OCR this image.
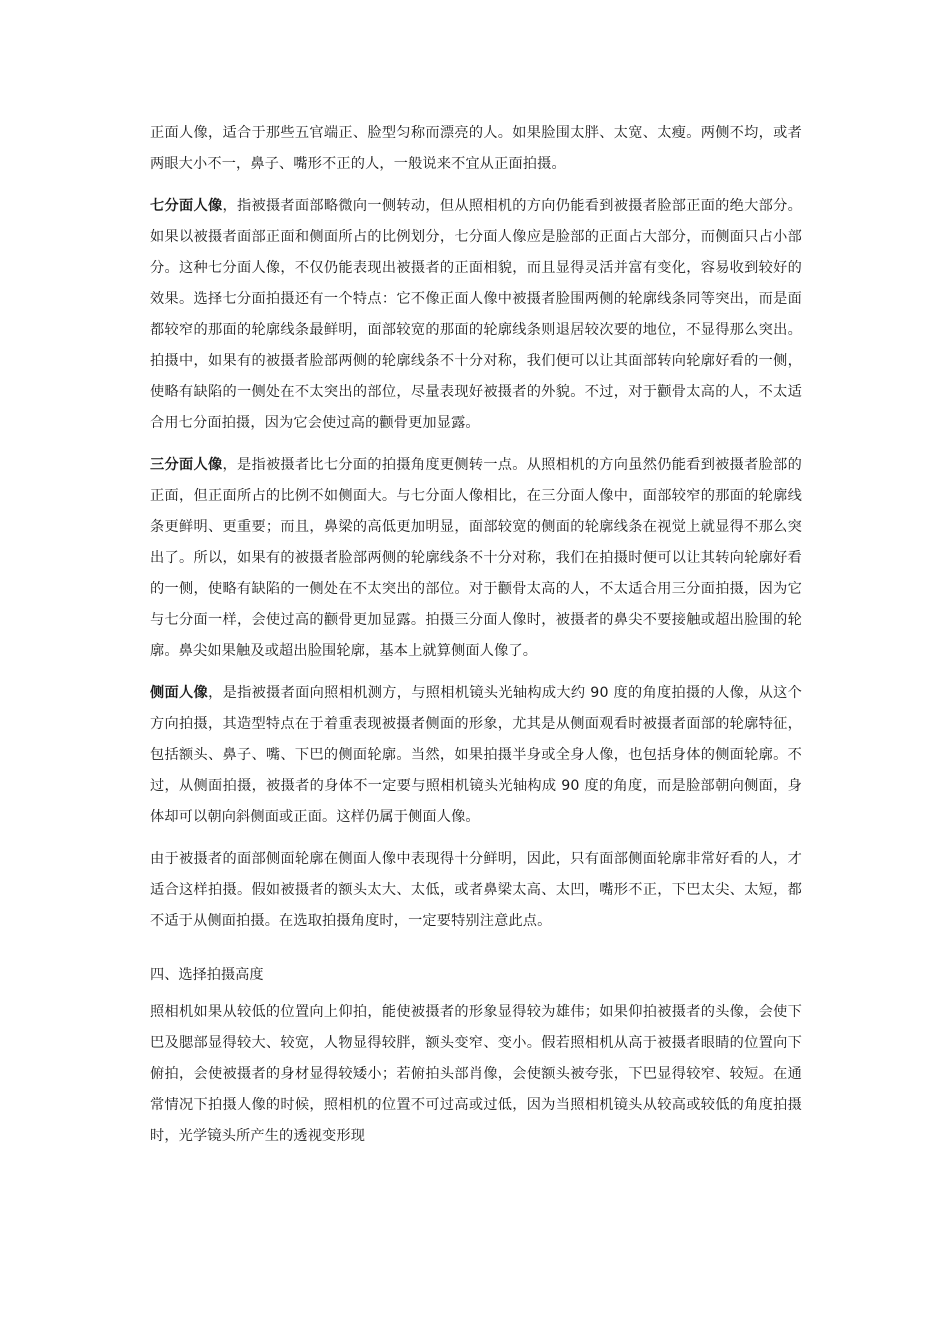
正面人像，适合于那些五官端正、脸型匀称而漂亮的人。如果脸围太胖、太宽、太瘦。两侧不均，或者两眼大小不一，鼻子、嘴形不正的人，一般说来不宜从正面拍摄。

七分面人像，指被摄者面部略微向一侧转动，但从照相机的方向仍能看到被摄者脸部正面的绝大部分。如果以被摄者面部正面和侧面所占的比例划分，七分面人像应是脸部的正面占大部分，而侧面只占小部分。这种七分面人像，不仅仍能表现出被摄者的正面相貌，而且显得灵活并富有变化，容易收到较好的效果。选择七分面拍摄还有一个特点：它不像正面人像中被摄者脸围两侧的轮廓线条同等突出，而是面都较窄的那面的轮廓线条最鲜明，面部较宽的那面的轮廓线条则退居较次要的地位，不显得那么突出。拍摄中，如果有的被摄者脸部两侧的轮廓线条不十分对称，我们便可以让其面部转向轮廓好看的一侧，使略有缺陷的一侧处在不太突出的部位，尽量表现好被摄者的外貌。不过，对于颧骨太高的人，不太适合用七分面拍摄，因为它会使过高的颧骨更加显露。

三分面人像，是指被摄者比七分面的拍摄角度更侧转一点。从照相机的方向虽然仍能看到被摄者脸部的正面，但正面所占的比例不如侧面大。与七分面人像相比，在三分面人像中，面部较窄的那面的轮廓线条更鲜明、更重要；而且，鼻梁的高低更加明显，面部较宽的侧面的轮廓线条在视觉上就显得不那么突出了。所以，如果有的被摄者脸部两侧的轮廓线条不十分对称，我们在拍摄时便可以让其转向轮廓好看的一侧，使略有缺陷的一侧处在不太突出的部位。对于颧骨太高的人，不太适合用三分面拍摄，因为它与七分面一样，会使过高的颧骨更加显露。拍摄三分面人像时，被摄者的鼻尖不要接触或超出脸围的轮廓。鼻尖如果触及或超出脸围轮廓，基本上就算侧面人像了。

侧面人像，是指被摄者面向照相机测方，与照相机镜头光轴构成大约 90 度的角度拍摄的人像，从这个方向拍摄，其造型特点在于着重表现被摄者侧面的形象，尤其是从侧面观看时被摄者面部的轮廓特征，包括额头、鼻子、嘴、下巴的侧面轮廓。当然，如果拍摄半身或全身人像，也包括身体的侧面轮廓。不过，从侧面拍摄，被摄者的身体不一定要与照相机镜头光轴构成 90 度的角度，而是脸部朝向侧面，身体却可以朝向斜侧面或正面。这样仍属于侧面人像。

由于被摄者的面部侧面轮廓在侧面人像中表现得十分鲜明，因此，只有面部侧面轮廓非常好看的人，才适合这样拍摄。假如被摄者的额头太大、太低，或者鼻梁太高、太凹，嘴形不正，下巴太尖、太短，都不适于从侧面拍摄。在选取拍摄角度时，一定要特别注意此点。

四、选择拍摄高度

照相机如果从较低的位置向上仰拍，能使被摄者的形象显得较为雄伟；如果仰拍被摄者的头像，会使下巴及腮部显得较大、较宽，人物显得较胖，额头变窄、变小。假若照相机从高于被摄者眼睛的位置向下俯拍，会使被摄者的身材显得较矮小；若俯拍头部肖像，会使额头被夸张，下巴显得较窄、较短。在通常情况下拍摄人像的时候，照相机的位置不可过高或过低，因为当照相机镜头从较高或较低的角度拍摄时，光学镜头所产生的透视变形现
